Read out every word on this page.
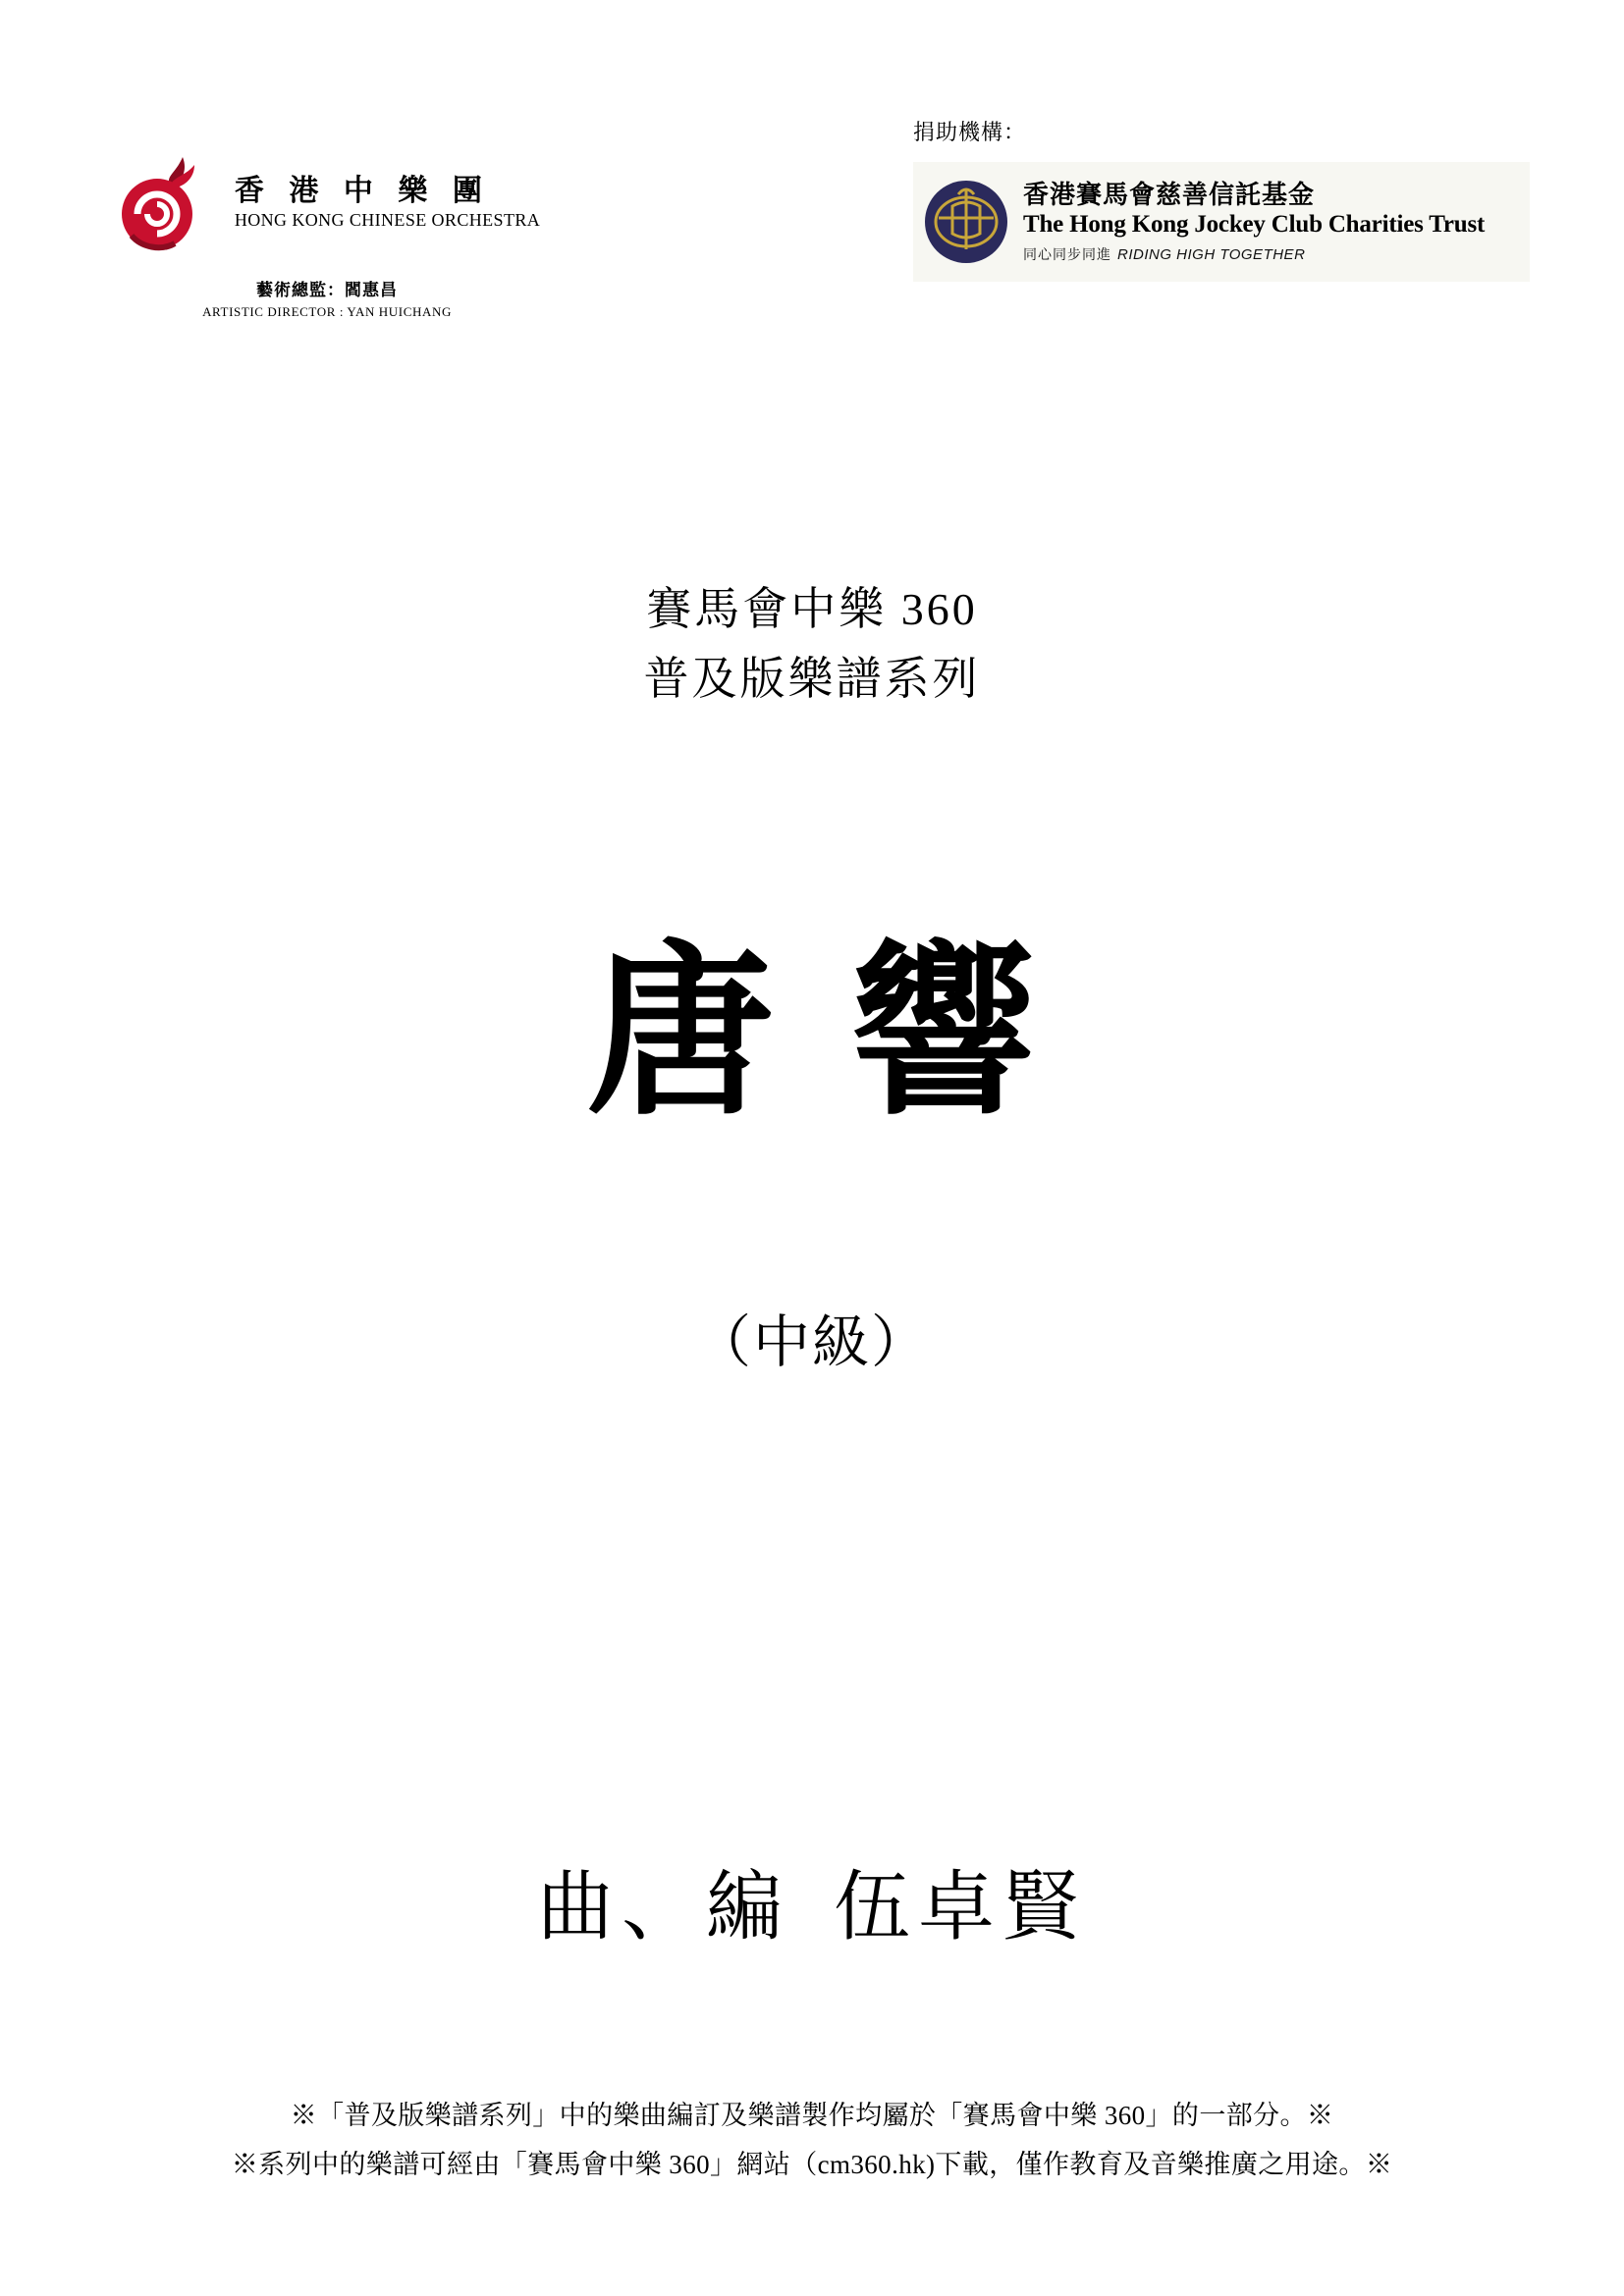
香 港 中 樂 團
HONG KONG CHINESE ORCHESTRA
藝術總監：閻惠昌
ARTISTIC DIRECTOR : YAN HUICHANG
捐助機構：
香港賽馬會慈善信託基金
The Hong Kong Jockey Club Charities Trust
同心同步同進 RIDING HIGH TOGETHER
賽馬會中樂 360
普及版樂譜系列
唐響
（中級）
曲、編 伍卓賢
※「普及版樂譜系列」中的樂曲編訂及樂譜製作均屬於「賽馬會中樂 360」的一部分。※
※系列中的樂譜可經由「賽馬會中樂 360」網站（cm360.hk)下載，僅作教育及音樂推廣之用途。※
